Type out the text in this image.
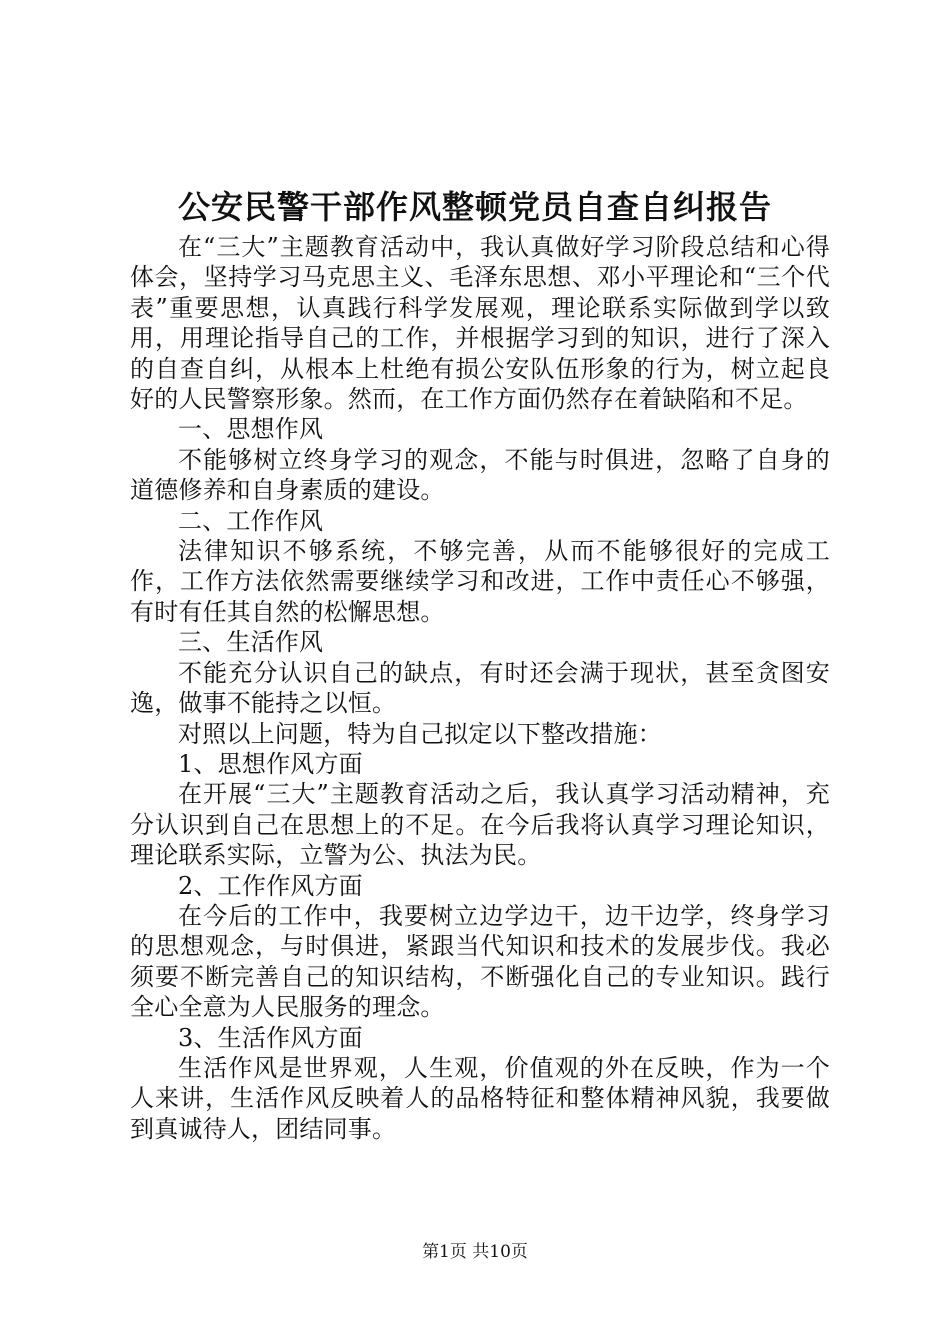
公安民警干部作风整顿党员自查自纠报告

在“三大”主题教育活动中，我认真做好学习阶段总结和心得体会，坚持学习马克思主义、毛泽东思想、邓小平理论和“三个代表”重要思想，认真践行科学发展观，理论联系实际做到学以致用，用理论指导自己的工作，并根据学习到的知识，进行了深入的自查自纠，从根本上杜绝有损公安队伍形象的行为，树立起良好的人民警察形象。然而，在工作方面仍然存在着缺陷和不足。

一、思想作风

不能够树立终身学习的观念，不能与时俱进，忽略了自身的道德修养和自身素质的建设。

二、工作作风

法律知识不够系统，不够完善，从而不能够很好的完成工作，工作方法依然需要继续学习和改进，工作中责任心不够强，有时有任其自然的松懈思想。

三、生活作风

不能充分认识自己的缺点，有时还会满于现状，甚至贪图安逸，做事不能持之以恒。

对照以上问题，特为自己拟定以下整改措施：

1、思想作风方面

在开展“三大”主题教育活动之后，我认真学习活动精神，充分认识到自己在思想上的不足。在今后我将认真学习理论知识，理论联系实际，立警为公、执法为民。

2、工作作风方面

在今后的工作中，我要树立边学边干，边干边学，终身学习的思想观念，与时俱进，紧跟当代知识和技术的发展步伐。我必须要不断完善自己的知识结构，不断强化自己的专业知识。践行全心全意为人民服务的理念。

3、生活作风方面

生活作风是世界观，人生观，价值观的外在反映，作为一个人来讲，生活作风反映着人的品格特征和整体精神风貌，我要做到真诚待人，团结同事。

第1页 共10页
